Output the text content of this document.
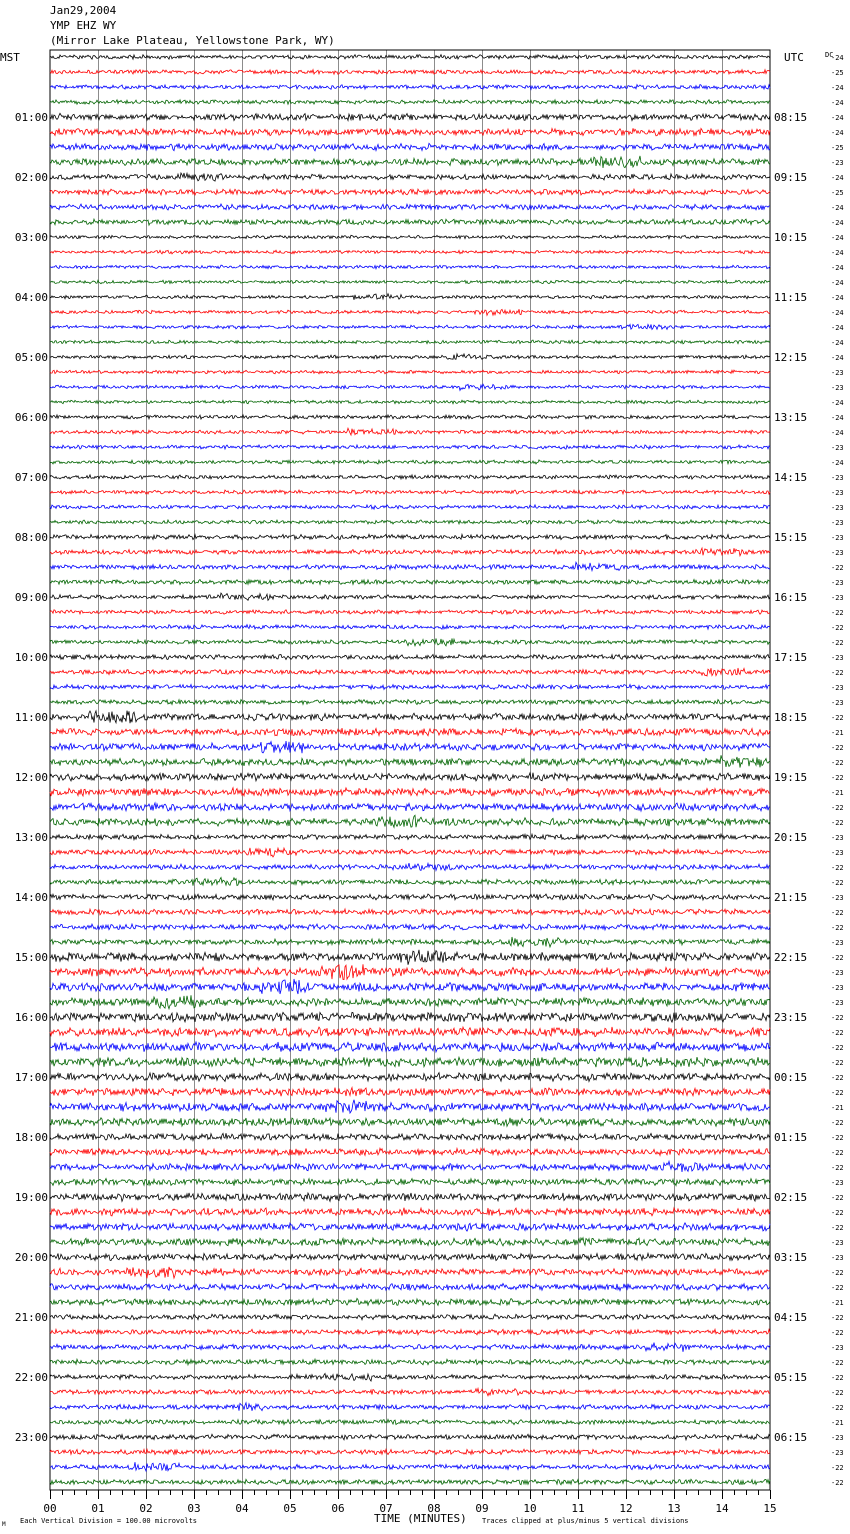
Jan29,2004
YMP EHZ WY
(Mirror Lake Plateau, Yellowstone Park, WY)
MST	UTC	DC
TIME (MINUTES)
Each Vertical Division = 100.00 microvolts	Traces clipped at plus/minus 5 vertical divisions
M
00	01	02	03	04	05	06	07	08	09	10	11	12	13	14	15
-24
-25
-24
-24
-24
-24
-25
-23
-24
-25
-24
-24
-24
-24
-24
-24
-24
-24
-24
-24
-24
-23
-23
-24
-24
-24
-23
-24
-23
-23
-23
-23
-23
-23
-22
-23
-23
-22
-22
-22
-23
-22
-23
-23
-22
-21
-22
-22
-22
-21
-22
-22
-23
-23
-22
-22
-23
-22
-22
-23
-22
-23
-23
-23
-22
-22
-22
-22
-22
-22
-21
-22
-22
-22
-22
-23
-22
-22
-22
-23
-23
-22
-22
-21
-22
-22
-23
-22
-22
-22
-22
-21
-23
-23
-22
-22
01:00
02:00
03:00
04:00
05:00
06:00
07:00
08:00
09:00
10:00
11:00
12:00
13:00
14:00
15:00
16:00
17:00
18:00
19:00
20:00
21:00
22:00
23:00
08:15
09:15
10:15
11:15
12:15
13:15
14:15
15:15
16:15
17:15
18:15
19:15
20:15
21:15
22:15
23:15
00:15
01:15
02:15
03:15
04:15
05:15
06:15
